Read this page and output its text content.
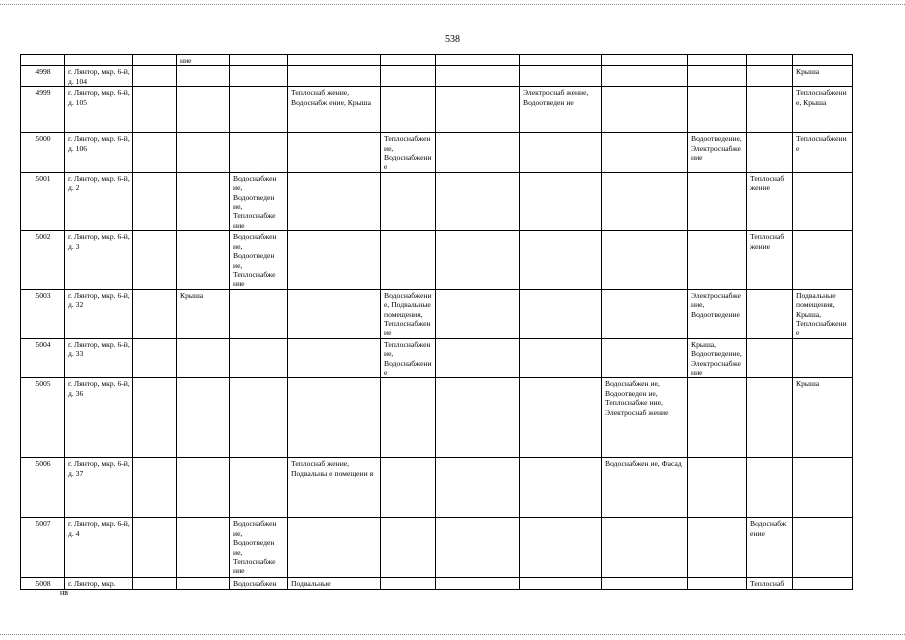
538
			ние									
4998	г. Лянтор, мкр. 6-й, д. 104											Крыша
4999	г. Лянтор, мкр. 6-й, д. 105				Теплоснаб жение, Водоснабж ение, Крыша			Электроснаб жение, Водоотведен ие				Теплоснабжение, Крыша
5000	г. Лянтор, мкр. 6-й, д. 106					Теплоснабжение, Водоснабжение				Водоотведение, Электроснабжение		Теплоснабжение
5001	г. Лянтор, мкр. 6-й, д. 2			Водоснабжен ие, Водоотведен ие, Теплоснабже ние							Теплоснаб жение	
5002	г. Лянтор, мкр. 6-й, д. 3			Водоснабжен ие, Водоотведен ие, Теплоснабже ние							Теплоснаб жение	
5003	г. Лянтор, мкр. 6-й, д. 32		Крыша			Водоснабжение, Подвальные помещения, Теплоснабжение				Электроснабжение, Водоотведение		Подвальные помещения, Крыша, Теплоснабжение
5004	г. Лянтор, мкр. 6-й, д. 33					Теплоснабжение, Водоснабжение				Крыша, Водоотведение, Электроснабжение		
5005	г. Лянтор, мкр. 6-й, д. 36								Водоснабжен ие, Водоотведен ие, Теплоснабже ние, Электроснаб жение			Крыша
5006	г. Лянтор, мкр. 6-й, д. 37				Теплоснаб жение, Подвальны е помещени я				Водоснабжен ие, Фасад			
5007	г. Лянтор, мкр. 6-й, д. 4			Водоснабжен ие, Водоотведен ие, Теплоснабже ние							Водоснабж ение	
5008	г. Лянтор, мкр.			Водоснабжен	Подвальные						Теплоснаб	
нв
